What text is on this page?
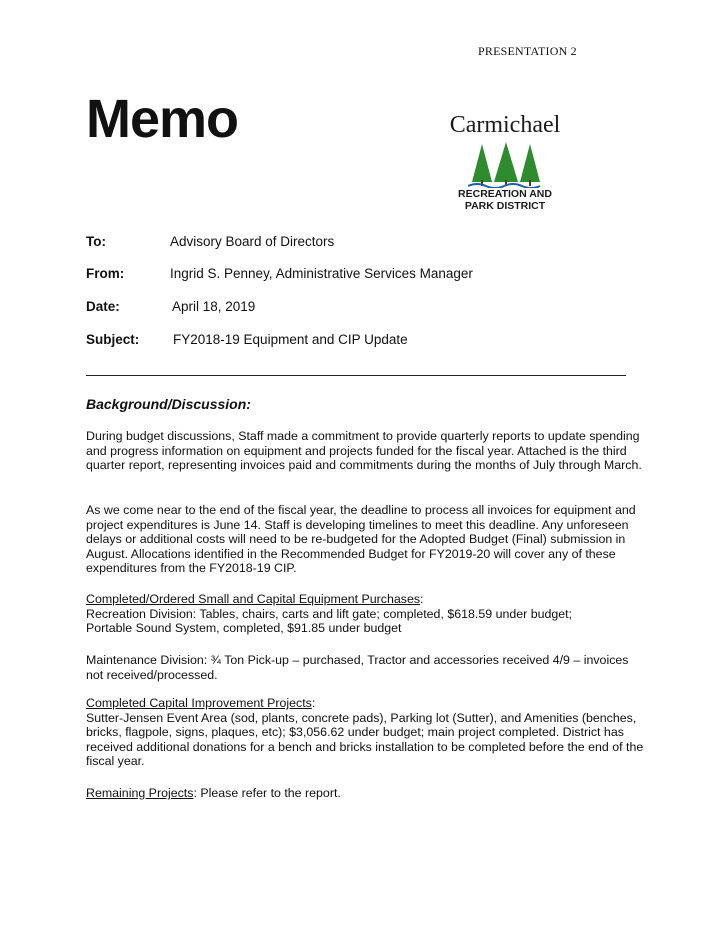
PRESENTATION 2
Memo	Carmichael
RECREATION AND
PARK DISTRICT
To:	Advisory Board of Directors
From:	Ingrid S. Penney, Administrative Services Manager
Date:	April 18, 2019
Subject: FY2018-19 Equipment and CIP Update
Background/Discussion:

During budget discussions, Staff made a commitment to provide quarterly reports to update spending and progress information on equipment and projects funded for the fiscal year. Attached is the third quarter report, representing invoices paid and commitments during the months of July through March.

As we come near to the end of the fiscal year, the deadline to process all invoices for equipment and project expenditures is June 14. Staff is developing timelines to meet this deadline. Any unforeseen delays or additional costs will need to be re-budgeted for the Adopted Budget (Final) submission in August. Allocations identified in the Recommended Budget for FY2019-20 will cover any of these expenditures from the FY2018-19 CIP.

Completed/Ordered Small and Capital Equipment Purchases:

Recreation Division: Tables, chairs, carts and lift gate; completed, $618.59 under budget;

Portable Sound System, completed, $91.85 under budget

Maintenance Division: ¾ Ton Pick-up – purchased, Tractor and accessories received 4/9 – invoices not received/processed.

Completed Capital Improvement Projects:

Sutter-Jensen Event Area (sod, plants, concrete pads), Parking lot (Sutter), and Amenities (benches, bricks, flagpole, signs, plaques, etc); $3,056.62 under budget; main project completed. District has received additional donations for a bench and bricks installation to be completed before the end of the fiscal year.

Remaining Projects: Please refer to the report.
